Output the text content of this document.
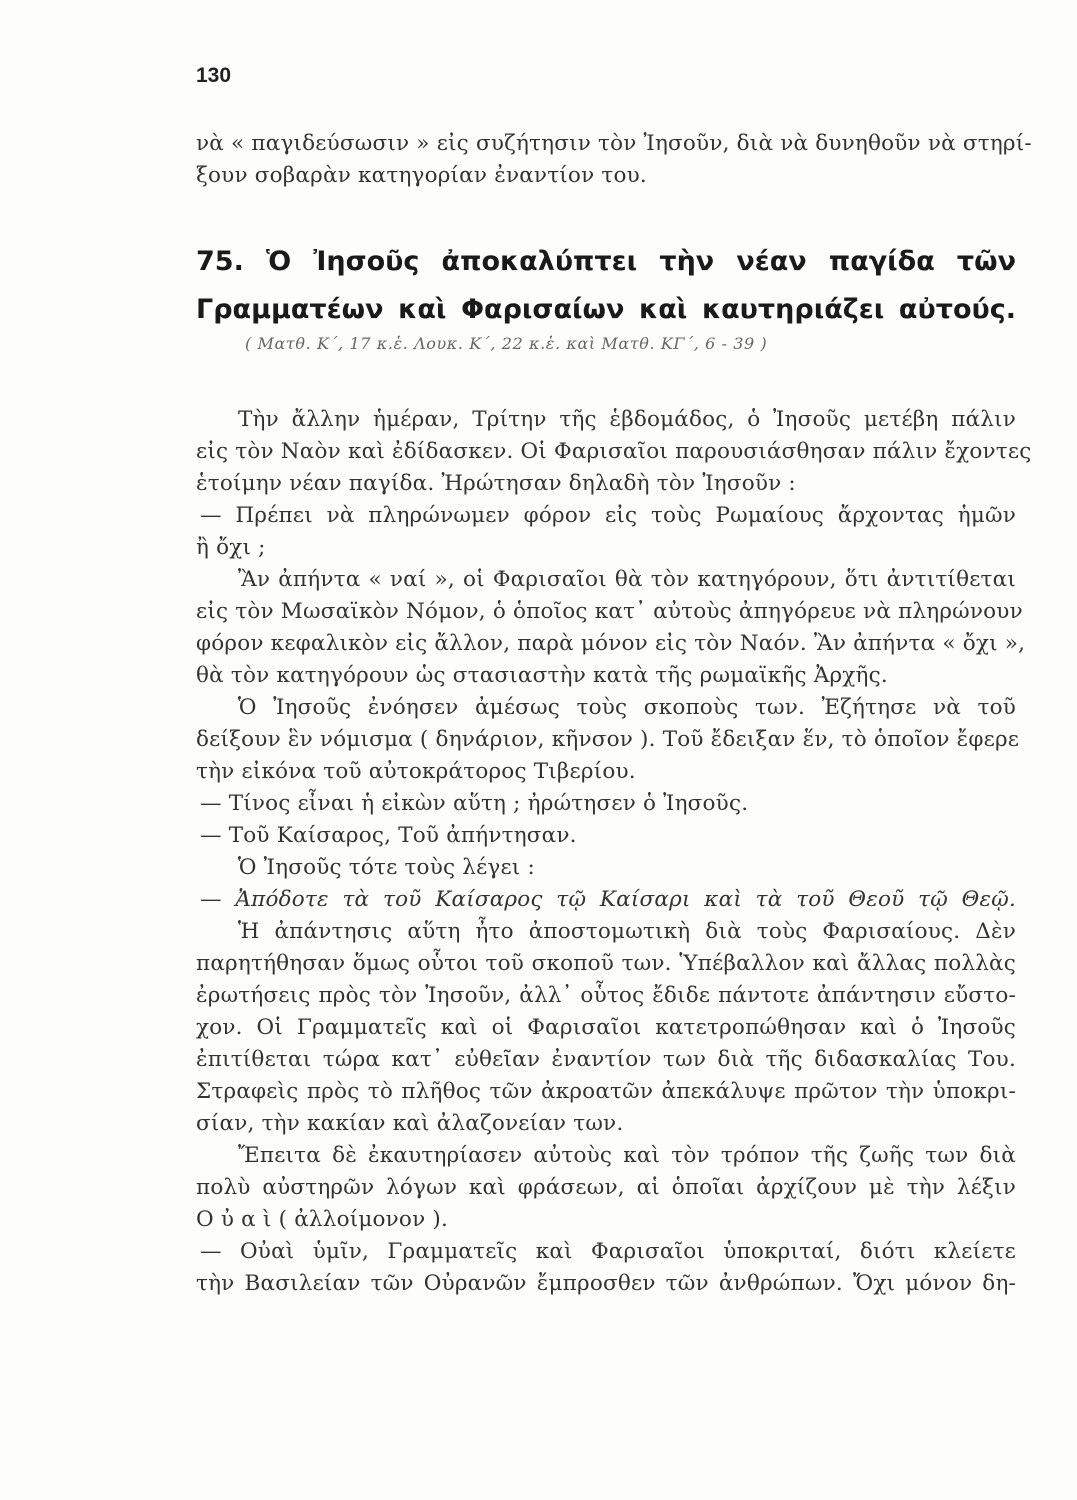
130
νὰ « παγιδεύσωσιν » εἰς συζήτησιν τὸν Ἰησοῦν, διὰ νὰ δυνηθοῦν νὰ στηρί-
ξουν σοβαρὰν κατηγορίαν ἐναντίον του.
75. Ὁ Ἰησοῦς ἀποκαλύπτει τὴν νέαν παγίδα τῶν
Γραμματέων καὶ Φαρισαίων καὶ καυτηριάζει αὐτούς.
( Ματθ. Κ΄, 17 κ.ἑ. Λουκ. Κ΄, 22 κ.ἑ. καὶ Ματθ. ΚΓ΄, 6 - 39 )
Τὴν ἄλλην ἡμέραν, Τρίτην τῆς ἑβδομάδος, ὁ Ἰησοῦς μετέβη πάλιν
εἰς τὸν Ναὸν καὶ ἐδίδασκεν. Οἱ Φαρισαῖοι παρουσιάσθησαν πάλιν ἔχοντες
ἑτοίμην νέαν παγίδα. Ἠρώτησαν δηλαδὴ τὸν Ἰησοῦν :
— Πρέπει νὰ πληρώνωμεν φόρον εἰς τοὺς Ρωμαίους ἄρχοντας ἡμῶν
ἢ ὄχι ;
Ἂν ἀπήντα « ναί », οἱ Φαρισαῖοι θὰ τὸν κατηγόρουν, ὅτι ἀντιτίθεται
εἰς τὸν Μωσαϊκὸν Νόμον, ὁ ὁποῖος κατ᾿ αὐτοὺς ἀπηγόρευε νὰ πληρώνουν
φόρον κεφαλικὸν εἰς ἄλλον, παρὰ μόνον εἰς τὸν Ναόν. Ἂν ἀπήντα « ὄχι »,
θὰ τὸν κατηγόρουν ὡς στασιαστὴν κατὰ τῆς ρωμαϊκῆς Ἀρχῆς.
Ὁ Ἰησοῦς ἐνόησεν ἀμέσως τοὺς σκοποὺς των. Ἐζήτησε νὰ τοῦ
δείξουν ἓν νόμισμα ( δηνάριον, κῆνσον ). Τοῦ ἔδειξαν ἕν, τὸ ὁποῖον ἔφερε
τὴν εἰκόνα τοῦ αὐτοκράτορος Τιβερίου.
— Τίνος εἶναι ἡ εἰκὼν αὕτη ; ἠρώτησεν ὁ Ἰησοῦς.
— Τοῦ Καίσαρος, Τοῦ ἀπήντησαν.
Ὁ Ἰησοῦς τότε τοὺς λέγει :
— Ἀπόδοτε τὰ τοῦ Καίσαρος τῷ Καίσαρι καὶ τὰ τοῦ Θεοῦ τῷ Θεῷ.
Ἡ ἀπάντησις αὕτη ἦτο ἀποστομωτικὴ διὰ τοὺς Φαρισαίους. Δὲν
παρητήθησαν ὅμως οὗτοι τοῦ σκοποῦ των. Ὑπέβαλλον καὶ ἄλλας πολλὰς
ἐρωτήσεις πρὸς τὸν Ἰησοῦν, ἀλλ᾿ οὗτος ἔδιδε πάντοτε ἀπάντησιν εὔστο-
χον. Οἱ Γραμματεῖς καὶ οἱ Φαρισαῖοι κατετροπώθησαν καὶ ὁ Ἰησοῦς
ἐπιτίθεται τώρα κατ᾿ εὐθεῖαν ἐναντίον των διὰ τῆς διδασκαλίας Του.
Στραφεὶς πρὸς τὸ πλῆθος τῶν ἀκροατῶν ἀπεκάλυψε πρῶτον τὴν ὑποκρι-
σίαν, τὴν κακίαν καὶ ἀλαζονείαν των.
Ἔπειτα δὲ ἐκαυτηρίασεν αὐτοὺς καὶ τὸν τρόπον τῆς ζωῆς των διὰ
πολὺ αὐστηρῶν λόγων καὶ φράσεων, αἱ ὁποῖαι ἀρχίζουν μὲ τὴν λέξιν
Ο ὐ α ὶ ( ἀλλοίμονον ).
— Οὐαὶ ὑμῖν, Γραμματεῖς καὶ Φαρισαῖοι ὑποκριταί, διότι κλείετε
τὴν Βασιλείαν τῶν Οὐρανῶν ἔμπροσθεν τῶν ἀνθρώπων. Ὄχι μόνον δη-
